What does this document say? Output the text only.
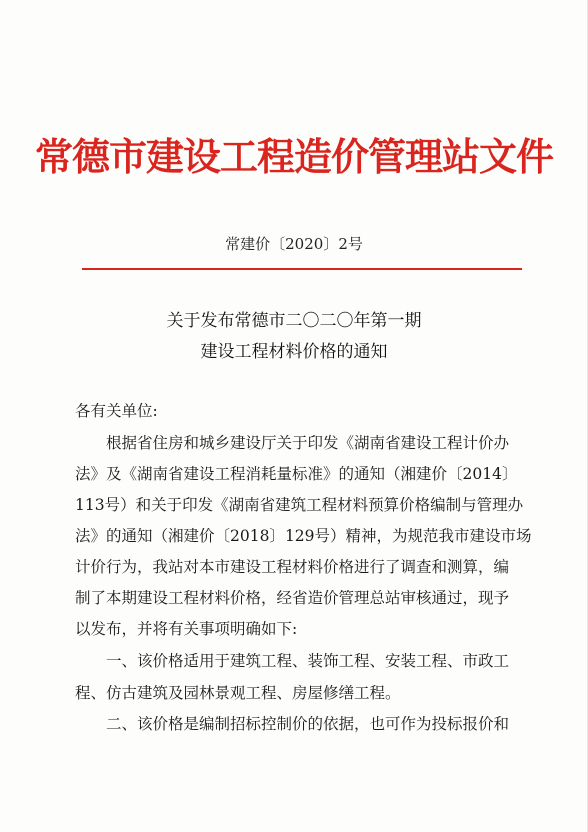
常德市建设工程造价管理站文件
常建价〔2020〕2号
关于发布常德市二〇二〇年第一期
建设工程材料价格的通知
各有关单位:
根据省住房和城乡建设厅关于印发《湖南省建设工程计价办
法》及《湖南省建设工程消耗量标准》的通知（湘建价〔2014〕
113号）和关于印发《湖南省建筑工程材料预算价格编制与管理办
法》的通知（湘建价〔2018〕129号）精神，为规范我市建设市场
计价行为，我站对本市建设工程材料价格进行了调查和测算，编
制了本期建设工程材料价格，经省造价管理总站审核通过，现予
以发布，并将有关事项明确如下:
一、该价格适用于建筑工程、装饰工程、安装工程、市政工
程、仿古建筑及园林景观工程、房屋修缮工程。
二、该价格是编制招标控制价的依据，也可作为投标报价和
